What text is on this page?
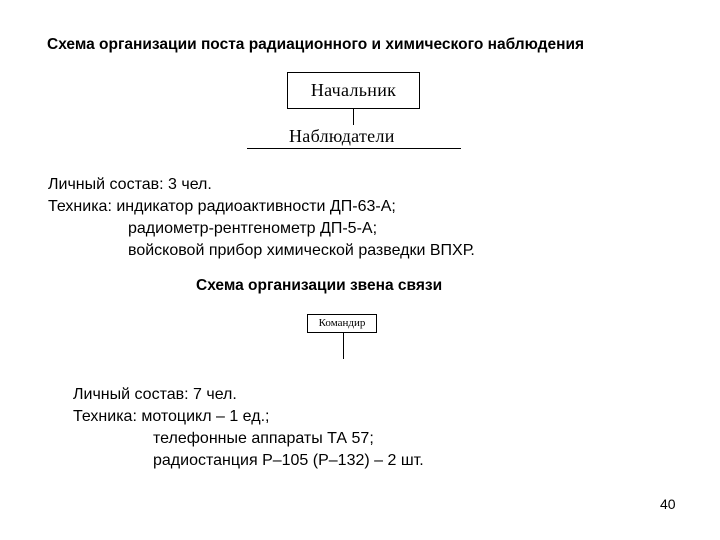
Схема организации поста радиационного и химического наблюдения
Начальник
Наблюдатели
Личный состав: 3 чел.
Техника: индикатор радиоактивности ДП-63-А;
радиометр-рентгенометр ДП-5-А;
войсковой прибор химической разведки ВПХР.
Схема организации звена связи
Командир
Личный состав: 7 чел.
Техника: мотоцикл – 1 ед.;
телефонные аппараты ТА 57;
радиостанция Р–105 (Р–132) – 2 шт.
40
